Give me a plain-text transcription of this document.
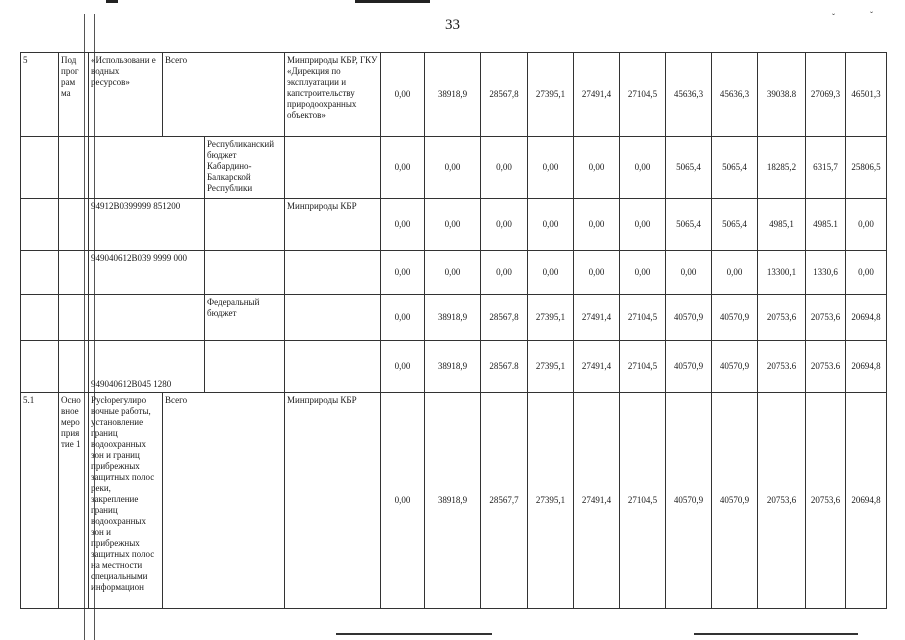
ˇ	ˇ
33
5	Под прог рам ма	«Использовани е водных ресурсов»	Всего		Минприроды КБР, ГКУ «Дирекция по эксплуатации и капстроительству природоохранных объектов»	0,00	38918,9	28567,8	27395,1	27491,4	27104,5	45636,3	45636,3	39038.8	27069,3	46501,3
				Республиканский бюджет Кабардино-Балкарской Республики		0,00	0,00	0,00	0,00	0,00	0,00	5065,4	5065,4	18285,2	6315,7	25806,5
		94912В0399999 851200			Минприроды КБР	0,00	0,00	0,00	0,00	0,00	0,00	5065,4	5065,4	4985,1	4985.1	0,00
		949040612В039 9999 000				0,00	0,00	0,00	0,00	0,00	0,00	0,00	0,00	13300,1	1330,6	0,00
				Федеральный бюджет		0,00	38918,9	28567,8	27395,1	27491,4	27104,5	40570,9	40570,9	20753,6	20753,6	20694,8
		949040612В045 1280				0,00	38918,9	28567.8	27395,1	27491,4	27104,5	40570,9	40570,9	20753.6	20753.6	20694,8
5.1	Осно вное меро прия тие 1	Русłорегулиро вочные работы, установление границ водоохранных зон и границ прибрежных защитных полос реки, закрепление границ водоохранных зон и прибрежных защитных полос на местности специальными информацион	Всего		Минприроды КБР	0,00	38918,9	28567,7	27395,1	27491,4	27104,5	40570,9	40570,9	20753,6	20753,6	20694,8
